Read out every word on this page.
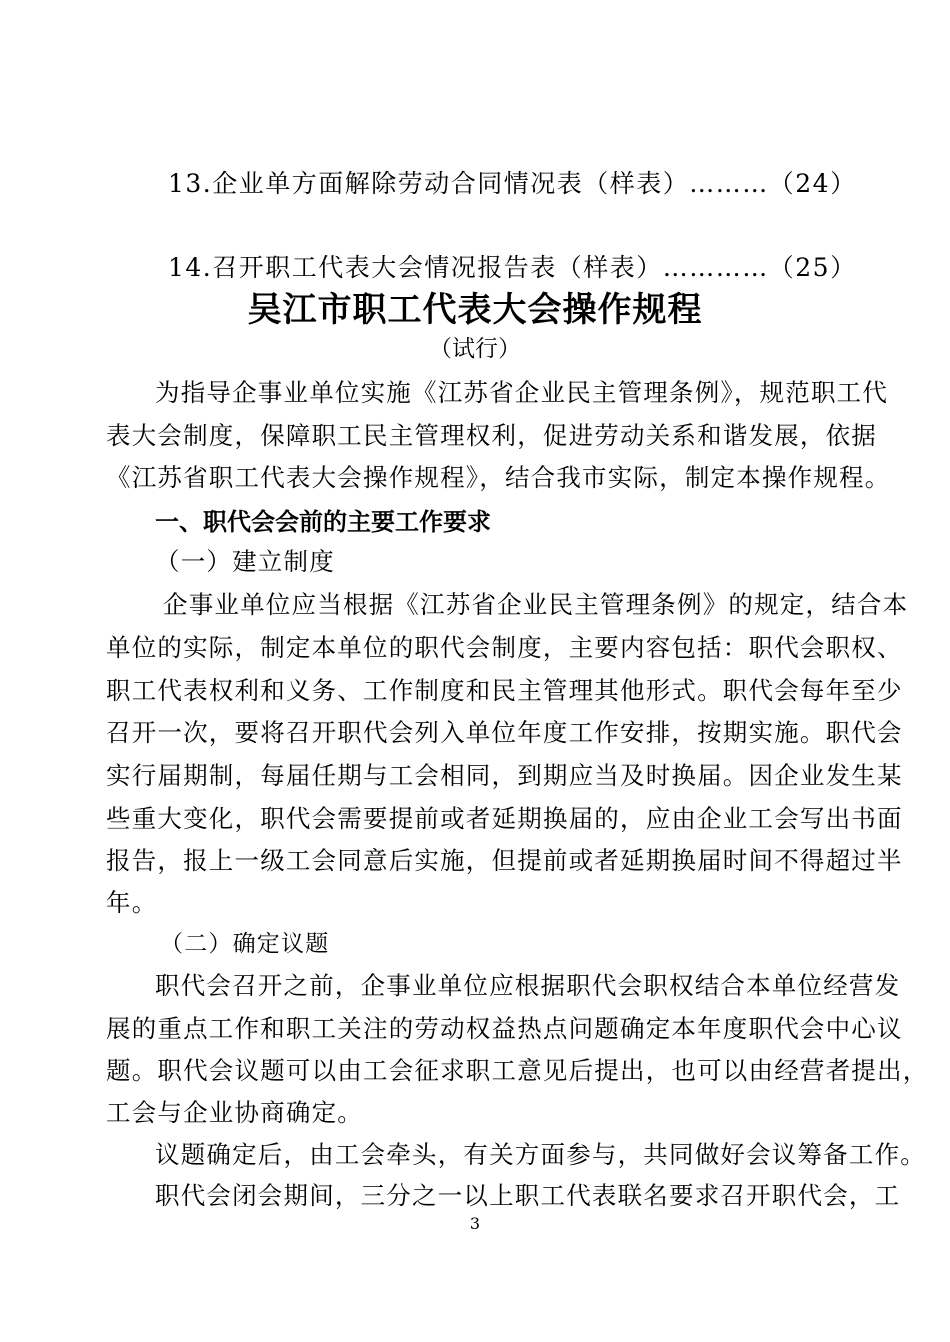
13.企业单方面解除劳动合同情况表（样表）………（24）
14.召开职工代表大会情况报告表（样表）…………（25）
吴江市职工代表大会操作规程
（试行）
为指导企事业单位实施《江苏省企业民主管理条例》，规范职工代
表大会制度，保障职工民主管理权利，促进劳动关系和谐发展，依据
《江苏省职工代表大会操作规程》，结合我市实际，制定本操作规程。
一、职代会会前的主要工作要求
（一）建立制度
企事业单位应当根据《江苏省企业民主管理条例》的规定，结合本
单位的实际，制定本单位的职代会制度，主要内容包括：职代会职权、
职工代表权利和义务、工作制度和民主管理其他形式。职代会每年至少
召开一次，要将召开职代会列入单位年度工作安排，按期实施。职代会
实行届期制，每届任期与工会相同，到期应当及时换届。因企业发生某
些重大变化，职代会需要提前或者延期换届的，应由企业工会写出书面
报告，报上一级工会同意后实施，但提前或者延期换届时间不得超过半
年。
（二）确定议题
职代会召开之前，企事业单位应根据职代会职权结合本单位经营发
展的重点工作和职工关注的劳动权益热点问题确定本年度职代会中心议
题。职代会议题可以由工会征求职工意见后提出，也可以由经营者提出，
工会与企业协商确定。
议题确定后，由工会牵头，有关方面参与，共同做好会议筹备工作。
职代会闭会期间，三分之一以上职工代表联名要求召开职代会，工
3
